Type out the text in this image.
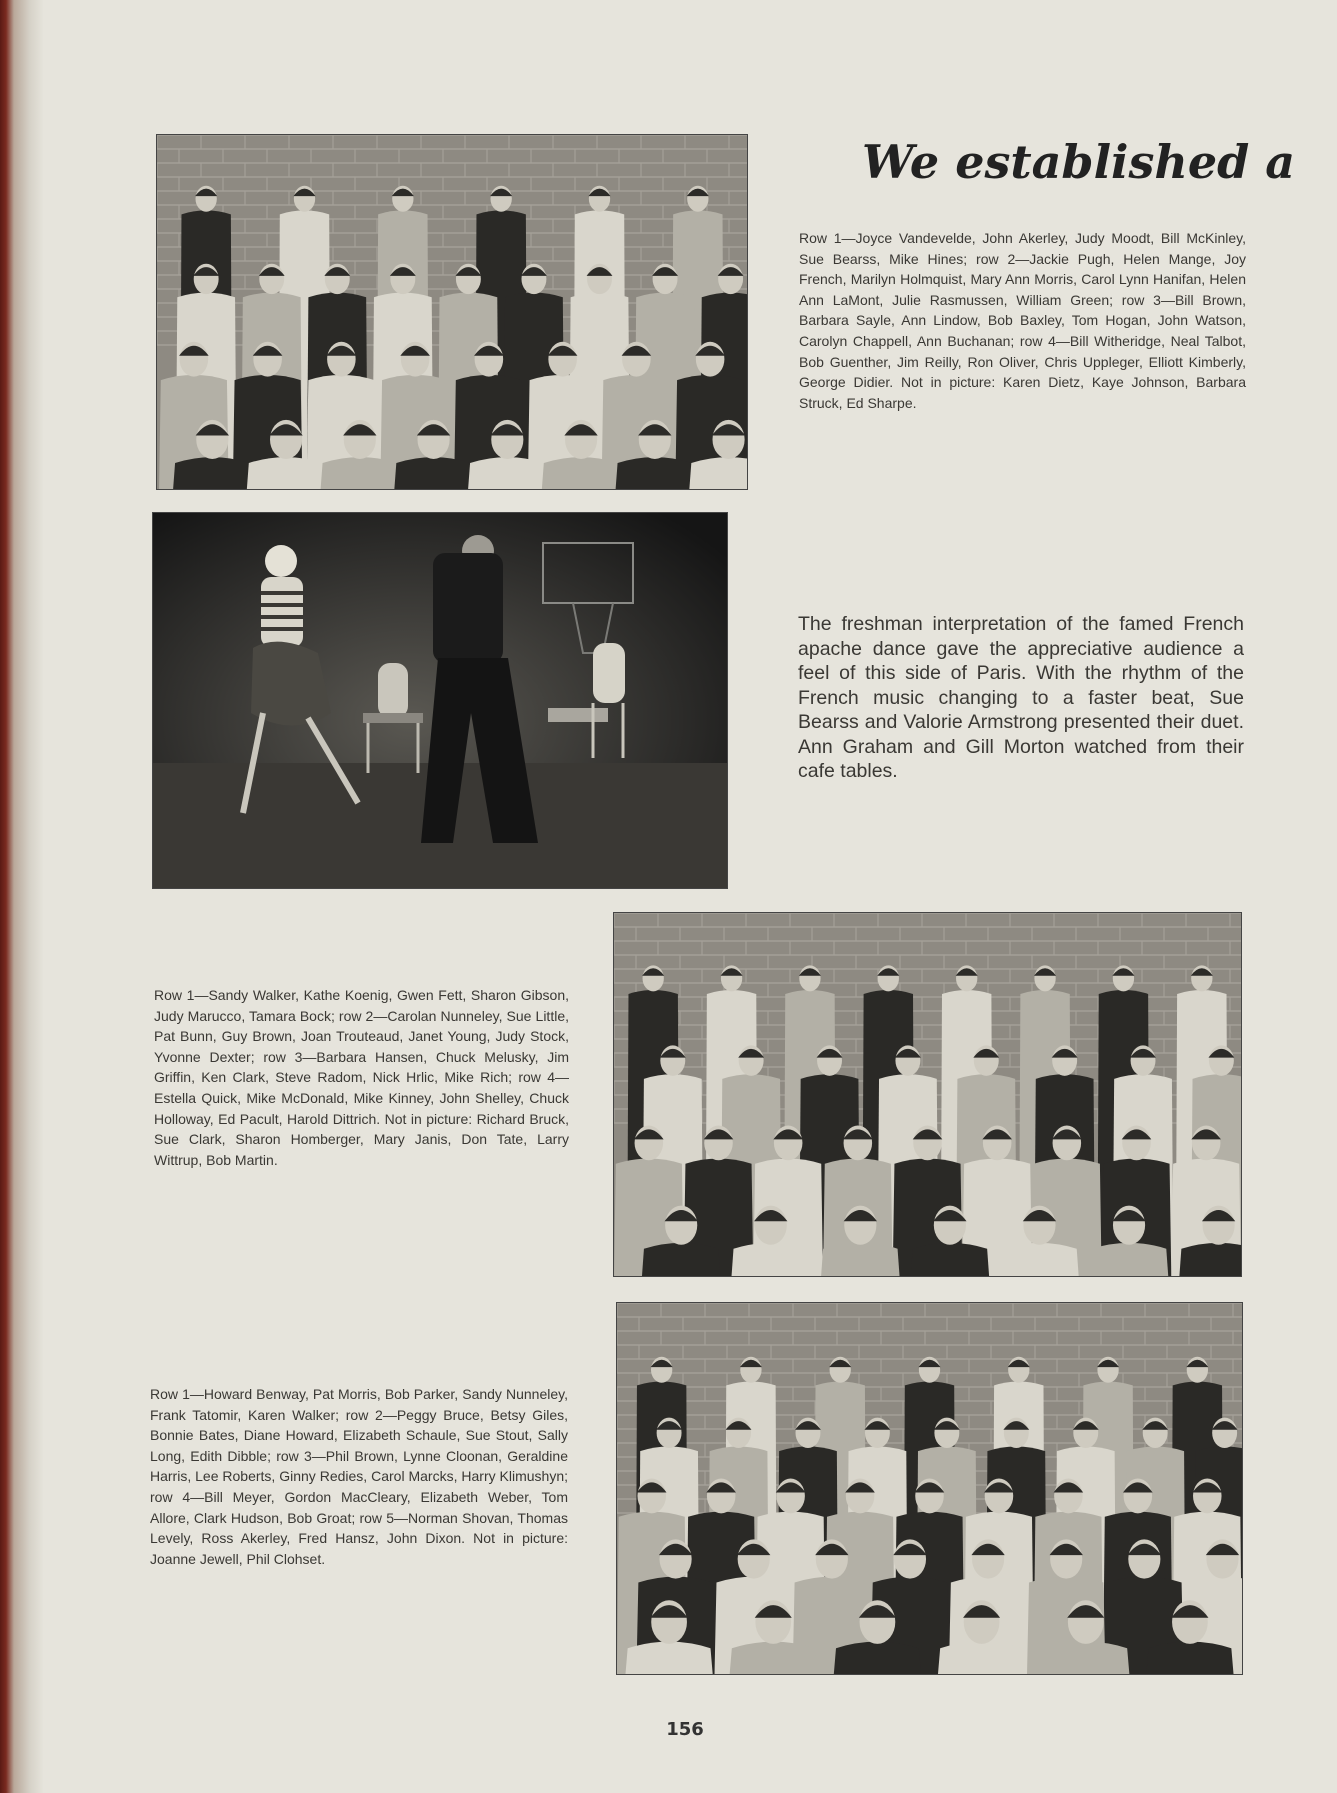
We established a

Row 1—Joyce Vandevelde, John Akerley, Judy Moodt, Bill McKinley, Sue Bearss, Mike Hines; row 2—Jackie Pugh, Helen Mange, Joy French, Marilyn Holmquist, Mary Ann Morris, Carol Lynn Hanifan, Helen Ann LaMont, Julie Rasmussen, William Green; row 3—Bill Brown, Barbara Sayle, Ann Lindow, Bob Baxley, Tom Hogan, John Watson, Carolyn Chappell, Ann Buchanan; row 4—Bill Witheridge, Neal Talbot, Bob Guenther, Jim Reilly, Ron Oliver, Chris Uppleger, Elliott Kimberly, George Didier. Not in picture: Karen Dietz, Kaye Johnson, Barbara Struck, Ed Sharpe.

The freshman interpretation of the famed French apache dance gave the appreciative audience a feel of this side of Paris. With the rhythm of the French music changing to a faster beat, Sue Bearss and Valorie Armstrong presented their duet. Ann Graham and Gill Morton watched from their cafe tables.

Row 1—Sandy Walker, Kathe Koenig, Gwen Fett, Sharon Gibson, Judy Marucco, Tamara Bock; row 2—Carolan Nunneley, Sue Little, Pat Bunn, Guy Brown, Joan Trouteaud, Janet Young, Judy Stock, Yvonne Dexter; row 3—Barbara Hansen, Chuck Melusky, Jim Griffin, Ken Clark, Steve Radom, Nick Hrlic, Mike Rich; row 4—Estella Quick, Mike McDonald, Mike Kinney, John Shelley, Chuck Holloway, Ed Pacult, Harold Dittrich. Not in picture: Richard Bruck, Sue Clark, Sharon Homberger, Mary Janis, Don Tate, Larry Wittrup, Bob Martin.

Row 1—Howard Benway, Pat Morris, Bob Parker, Sandy Nunneley, Frank Tatomir, Karen Walker; row 2—Peggy Bruce, Betsy Giles, Bonnie Bates, Diane Howard, Elizabeth Schaule, Sue Stout, Sally Long, Edith Dibble; row 3—Phil Brown, Lynne Cloonan, Geraldine Harris, Lee Roberts, Ginny Redies, Carol Marcks, Harry Klimushyn; row 4—Bill Meyer, Gordon MacCleary, Elizabeth Weber, Tom Allore, Clark Hudson, Bob Groat; row 5—Norman Shovan, Thomas Levely, Ross Akerley, Fred Hansz, John Dixon. Not in picture: Joanne Jewell, Phil Clohset.

156
